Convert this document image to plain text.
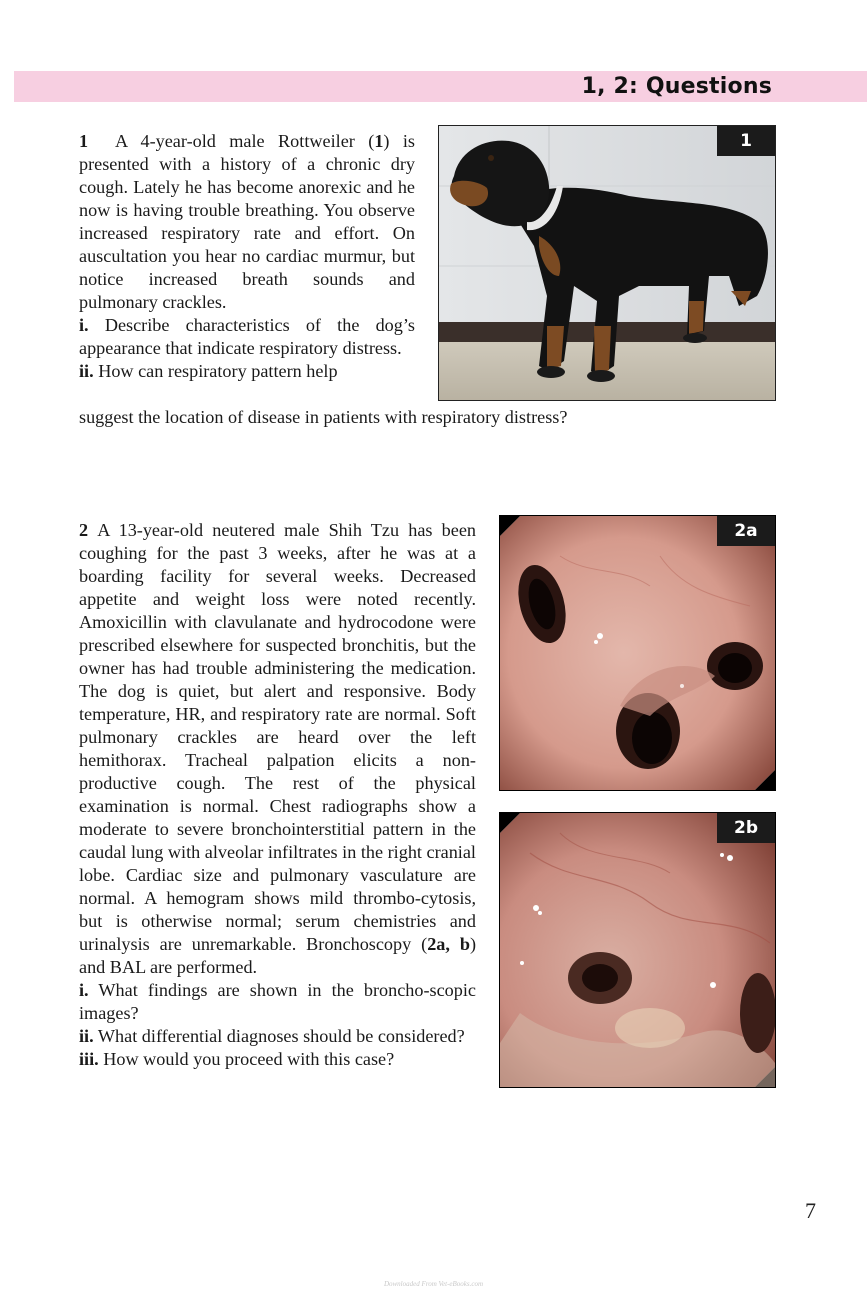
1, 2: Questions

1 A 4-year-old male Rottweiler (1) is presented with a history of a chronic dry cough. Lately he has become anorexic and he now is having trouble breathing. You observe increased respiratory rate and effort. On auscultation you hear no cardiac murmur, but notice increased breath sounds and pulmonary crackles.

i. Describe characteristics of the dog’s appearance that indicate respiratory distress.

ii. How can respiratory pattern help

suggest the location of disease in patients with respiratory distress?
1

2 A 13-year-old neutered male Shih Tzu has been coughing for the past 3 weeks, after he was at a boarding facility for several weeks. Decreased appetite and weight loss were noted recently. Amoxicillin with clavulanate and hydrocodone were prescribed elsewhere for suspected bronchitis, but the owner has had trouble administering the medication. The dog is quiet, but alert and responsive. Body temperature, HR, and respiratory rate are normal. Soft pulmonary crackles are heard over the left hemithorax. Tracheal palpation elicits a non-productive cough. The rest of the physical examination is normal. Chest radiographs show a moderate to severe bronchointerstitial pattern in the caudal lung with alveolar infiltrates in the right cranial lobe. Cardiac size and pulmonary vasculature are normal. A hemogram shows mild thrombo-cytosis, but is otherwise normal; serum chemistries and urinalysis are unremarkable. Bronchoscopy (2a, b) and BAL are performed.

i. What findings are shown in the broncho-scopic images?

ii. What differential diagnoses should be considered?

iii. How would you proceed with this case?

2a
2b
7
Downloaded From Vet-eBooks.com
